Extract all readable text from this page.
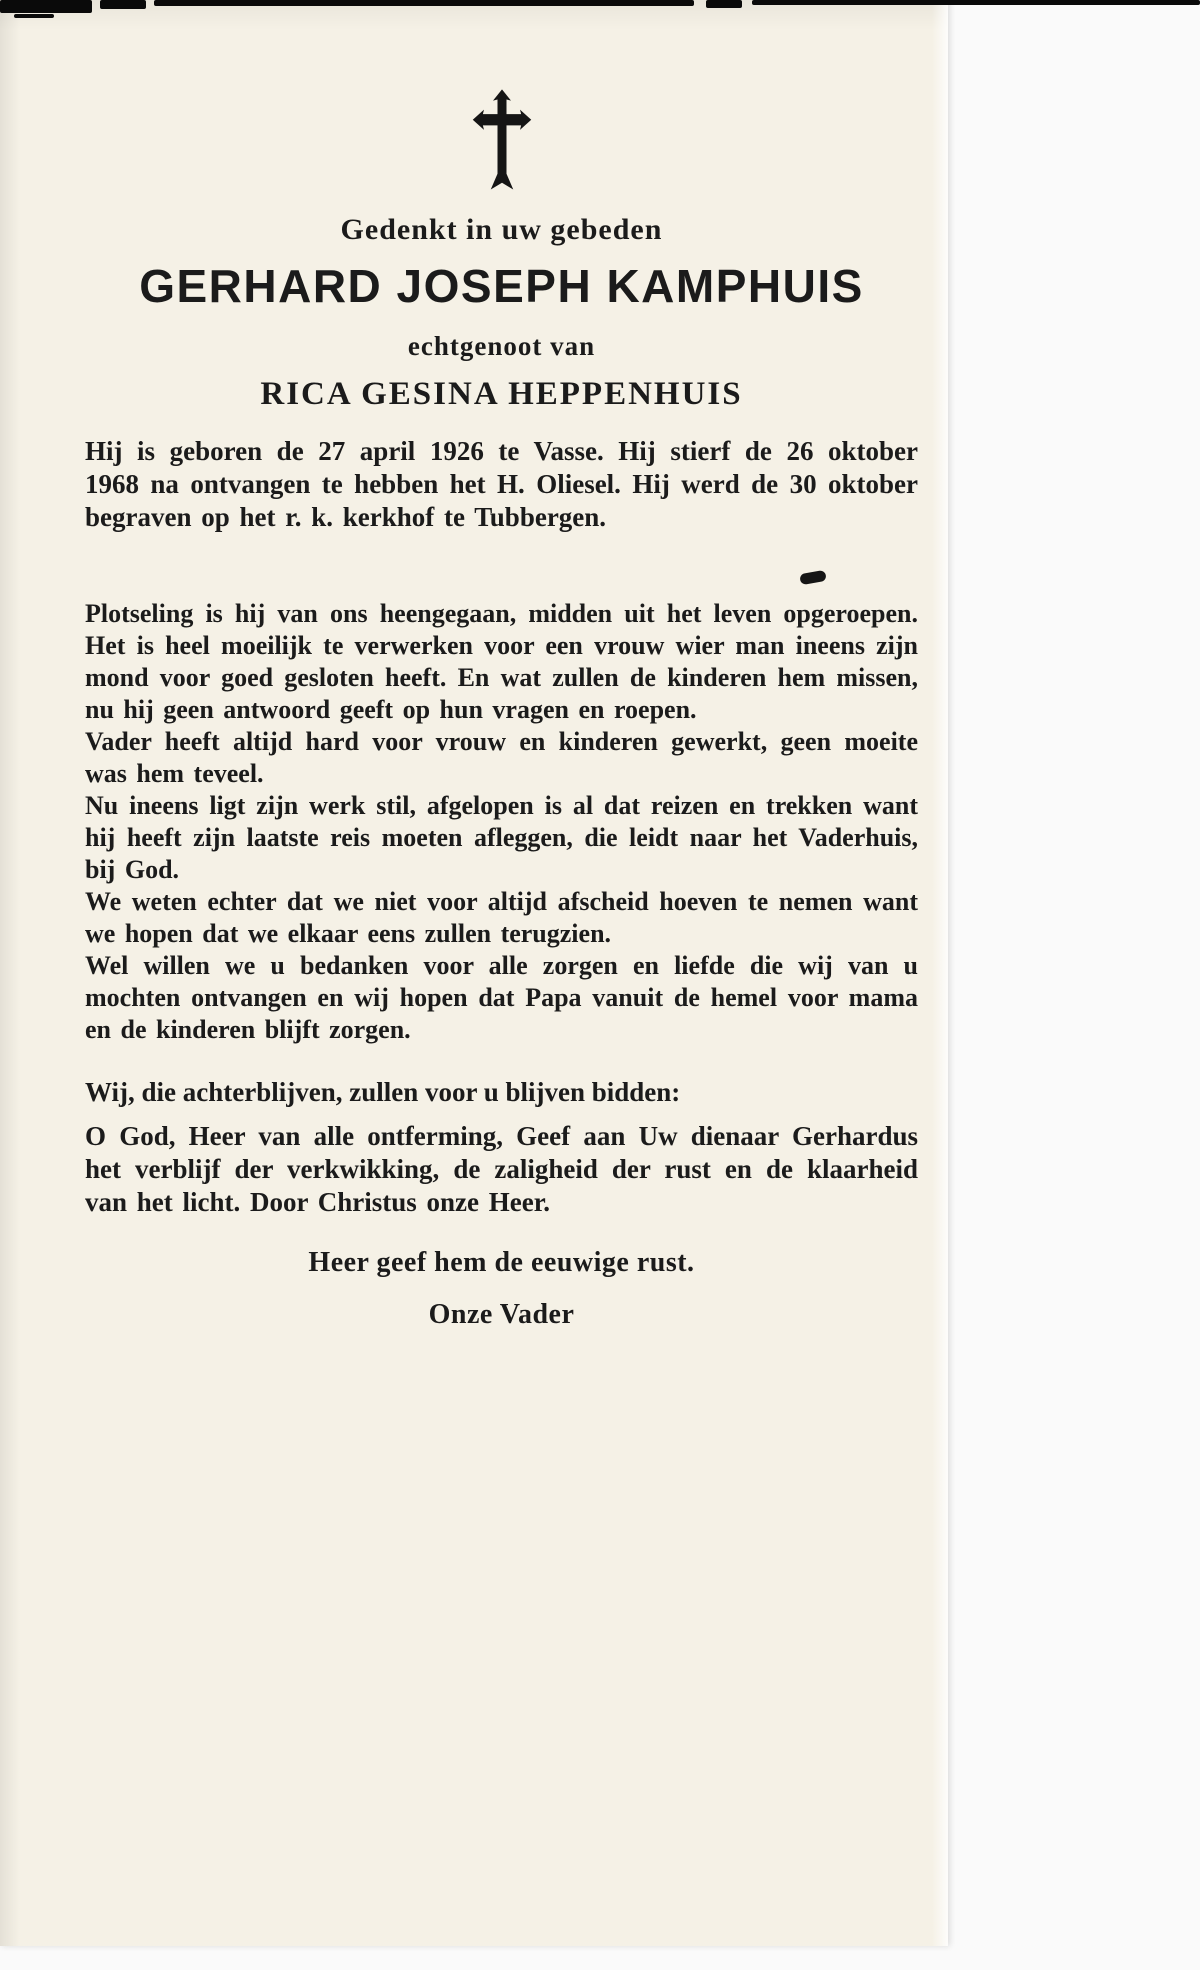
Gedenkt in uw gebeden
GERHARD JOSEPH KAMPHUIS
echtgenoot van
RICA GESINA HEPPENHUIS

Hij is geboren de 27 april 1926 te Vasse. Hij stierf de 26 oktober 1968 na ontvangen te hebben het H. Oliesel. Hij werd de 30 oktober begraven op het r. k. kerkhof te Tubbergen.

Plotseling is hij van ons heengegaan, midden uit het leven opgeroepen. Het is heel moeilijk te verwerken voor een vrouw wier man ineens zijn mond voor goed gesloten heeft. En wat zullen de kinderen hem missen, nu hij geen antwoord geeft op hun vragen en roepen.

Vader heeft altijd hard voor vrouw en kinderen gewerkt, geen moeite was hem teveel.

Nu ineens ligt zijn werk stil, afgelopen is al dat reizen en trekken want hij heeft zijn laatste reis moeten afleggen, die leidt naar het Vaderhuis, bij God.

We weten echter dat we niet voor altijd afscheid hoeven te nemen want we hopen dat we elkaar eens zullen terugzien.

Wel willen we u bedanken voor alle zorgen en liefde die wij van u mochten ontvangen en wij hopen dat Papa vanuit de hemel voor mama en de kinderen blijft zorgen.

Wij, die achterblijven, zullen voor u blijven bidden:

O God, Heer van alle ontferming, Geef aan Uw dienaar Gerhardus het verblijf der verkwikking, de zaligheid der rust en de klaarheid van het licht. Door Christus onze Heer.

Heer geef hem de eeuwige rust.

Onze Vader
